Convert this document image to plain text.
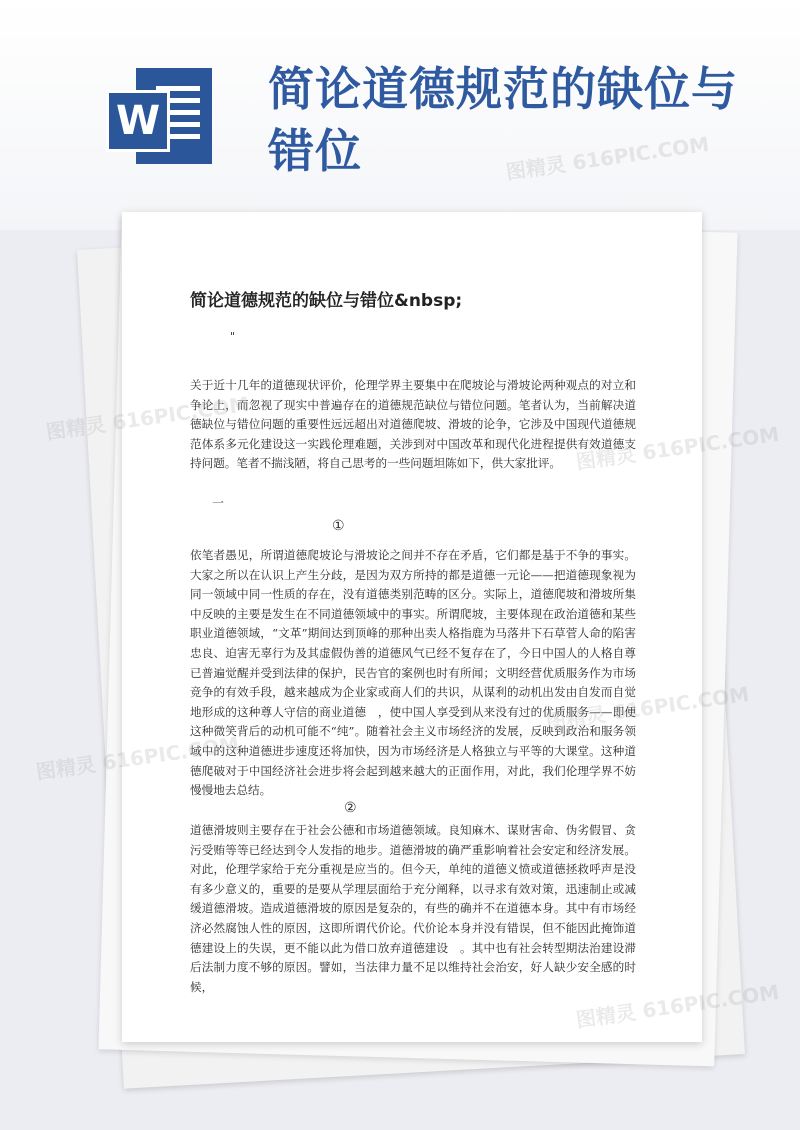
W
简论道德规范的缺位与错位
简论道德规范的缺位与错位&nbsp;
"

关于近十几年的道德现状评价，伦理学界主要集中在爬坡论与滑坡论两种观点的对立和争论上，而忽视了现实中普遍存在的道德规范缺位与错位问题。笔者认为，当前解决道德缺位与错位问题的重要性远远超出对道德爬坡、滑坡的论争，它涉及中国现代道德规范体系多元化建设这一实践伦理难题，关涉到对中国改革和现代化进程提供有效道德支持问题。笔者不揣浅陋，将自己思考的一些问题坦陈如下，供大家批评。

一
①

依笔者愚见，所谓道德爬坡论与滑坡论之间并不存在矛盾，它们都是基于不争的事实。大家之所以在认识上产生分歧，是因为双方所持的都是道德一元论——把道德现象视为同一领域中同一性质的存在，没有道德类别范畴的区分。实际上，道德爬坡和滑坡所集中反映的主要是发生在不同道德领域中的事实。所谓爬坡，主要体现在政治道德和某些职业道德领域，“文革”期间达到顶峰的那种出卖人格指鹿为马落井下石草菅人命的陷害忠良、迫害无辜行为及其虚假伪善的道德风气已经不复存在了，今日中国人的人格自尊已普遍觉醒并受到法律的保护，民告官的案例也时有所闻；文明经营优质服务作为市场竞争的有效手段，越来越成为企业家或商人们的共识，从谋利的动机出发由自发而自觉地形成的这种尊人守信的商业道德　，使中国人享受到从来没有过的优质服务——即便这种微笑背后的动机可能不“纯”。随着社会主义市场经济的发展，反映到政治和服务领域中的这种道德进步速度还将加快，因为市场经济是人格独立与平等的大课堂。这种道德爬破对于中国经济社会进步将会起到越来越大的正面作用，对此，我们伦理学界不妨慢慢地去总结。

②

道德滑坡则主要存在于社会公德和市场道德领域。良知麻木、谋财害命、伪劣假冒、贪污受贿等等已经达到令人发指的地步。道德滑坡的确严重影响着社会安定和经济发展。对此，伦理学家给于充分重视是应当的。但今天，单纯的道德义愤或道德拯救呼声是没有多少意义的，重要的是要从学理层面给于充分阐释，以寻求有效对策，迅速制止或减缓道德滑坡。造成道德滑坡的原因是复杂的，有些的确并不在道德本身。其中有市场经济必然腐蚀人性的原因，这即所谓代价论。代价论本身并没有错误，但不能因此掩饰道德建设上的失误，更不能以此为借口放弃道德建设　。其中也有社会转型期法治建设滞后法制力度不够的原因。譬如，当法律力量不足以维持社会治安，好人缺少安全感的时候，

图精灵 616PIC.COM
图精灵 616PIC.COM
图精灵 616PIC.COM
图精灵 616PIC.COM
图精灵 616PIC.COM
图精灵 616PIC.COM
